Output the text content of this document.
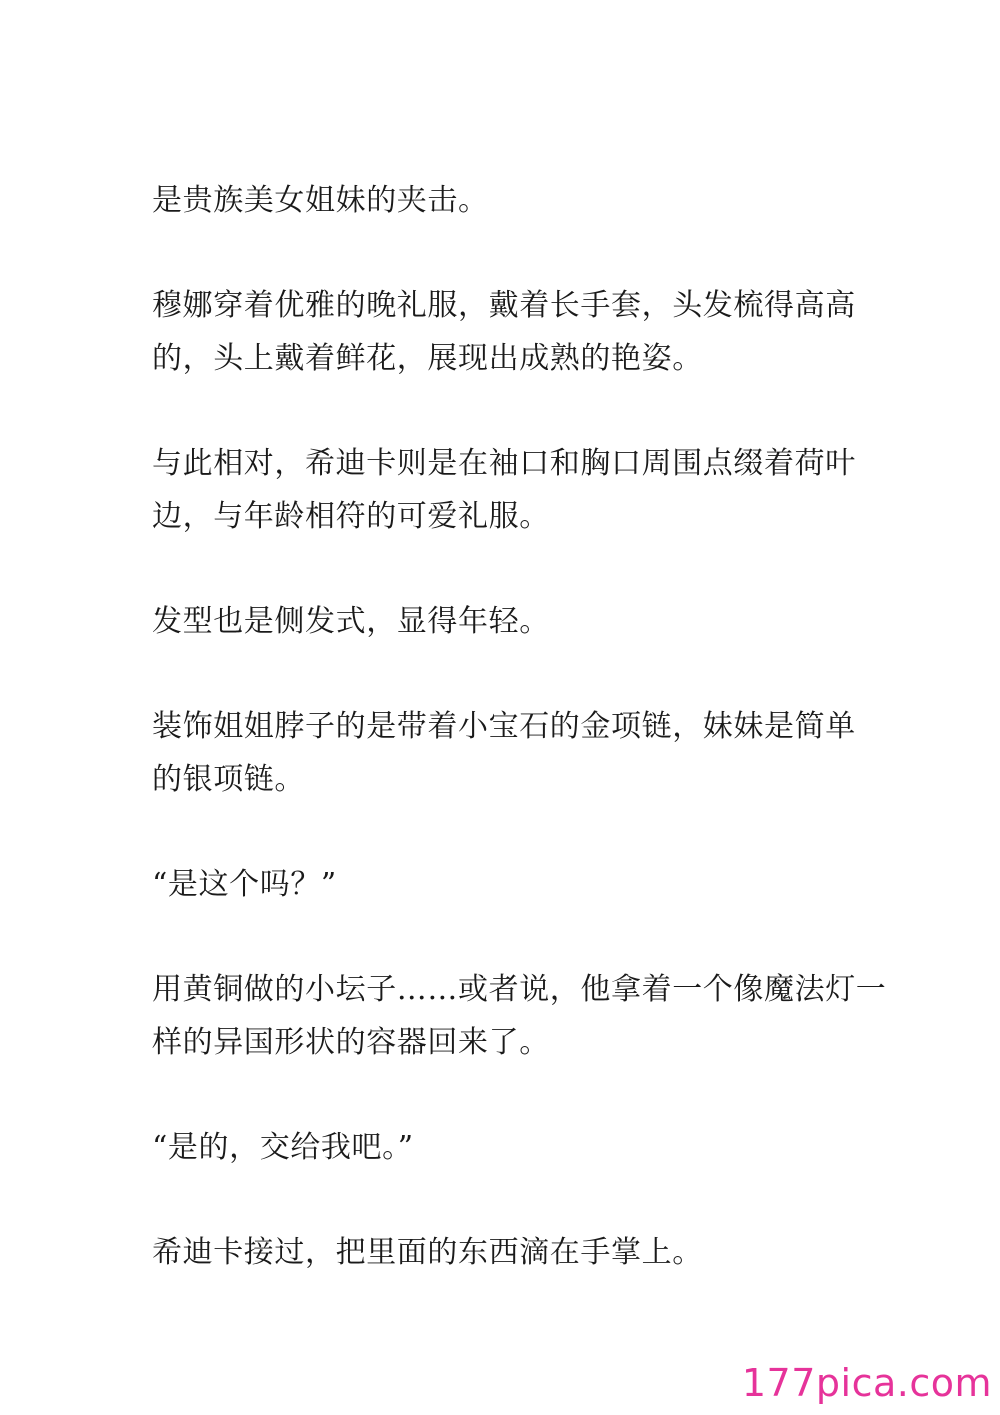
是贵族美女姐妹的夹击。

穆娜穿着优雅的晚礼服，戴着长手套，头发梳得高高
的，头上戴着鲜花，展现出成熟的艳姿。

与此相对，希迪卡则是在袖口和胸口周围点缀着荷叶
边，与年龄相符的可爱礼服。

发型也是侧发式，显得年轻。

装饰姐姐脖子的是带着小宝石的金项链，妹妹是简单
的银项链。

“是这个吗？”

用黄铜做的小坛子……或者说，他拿着一个像魔法灯一
样的异国形状的容器回来了。

“是的，交给我吧。”

希迪卡接过，把里面的东西滴在手掌上。

177pica.com
